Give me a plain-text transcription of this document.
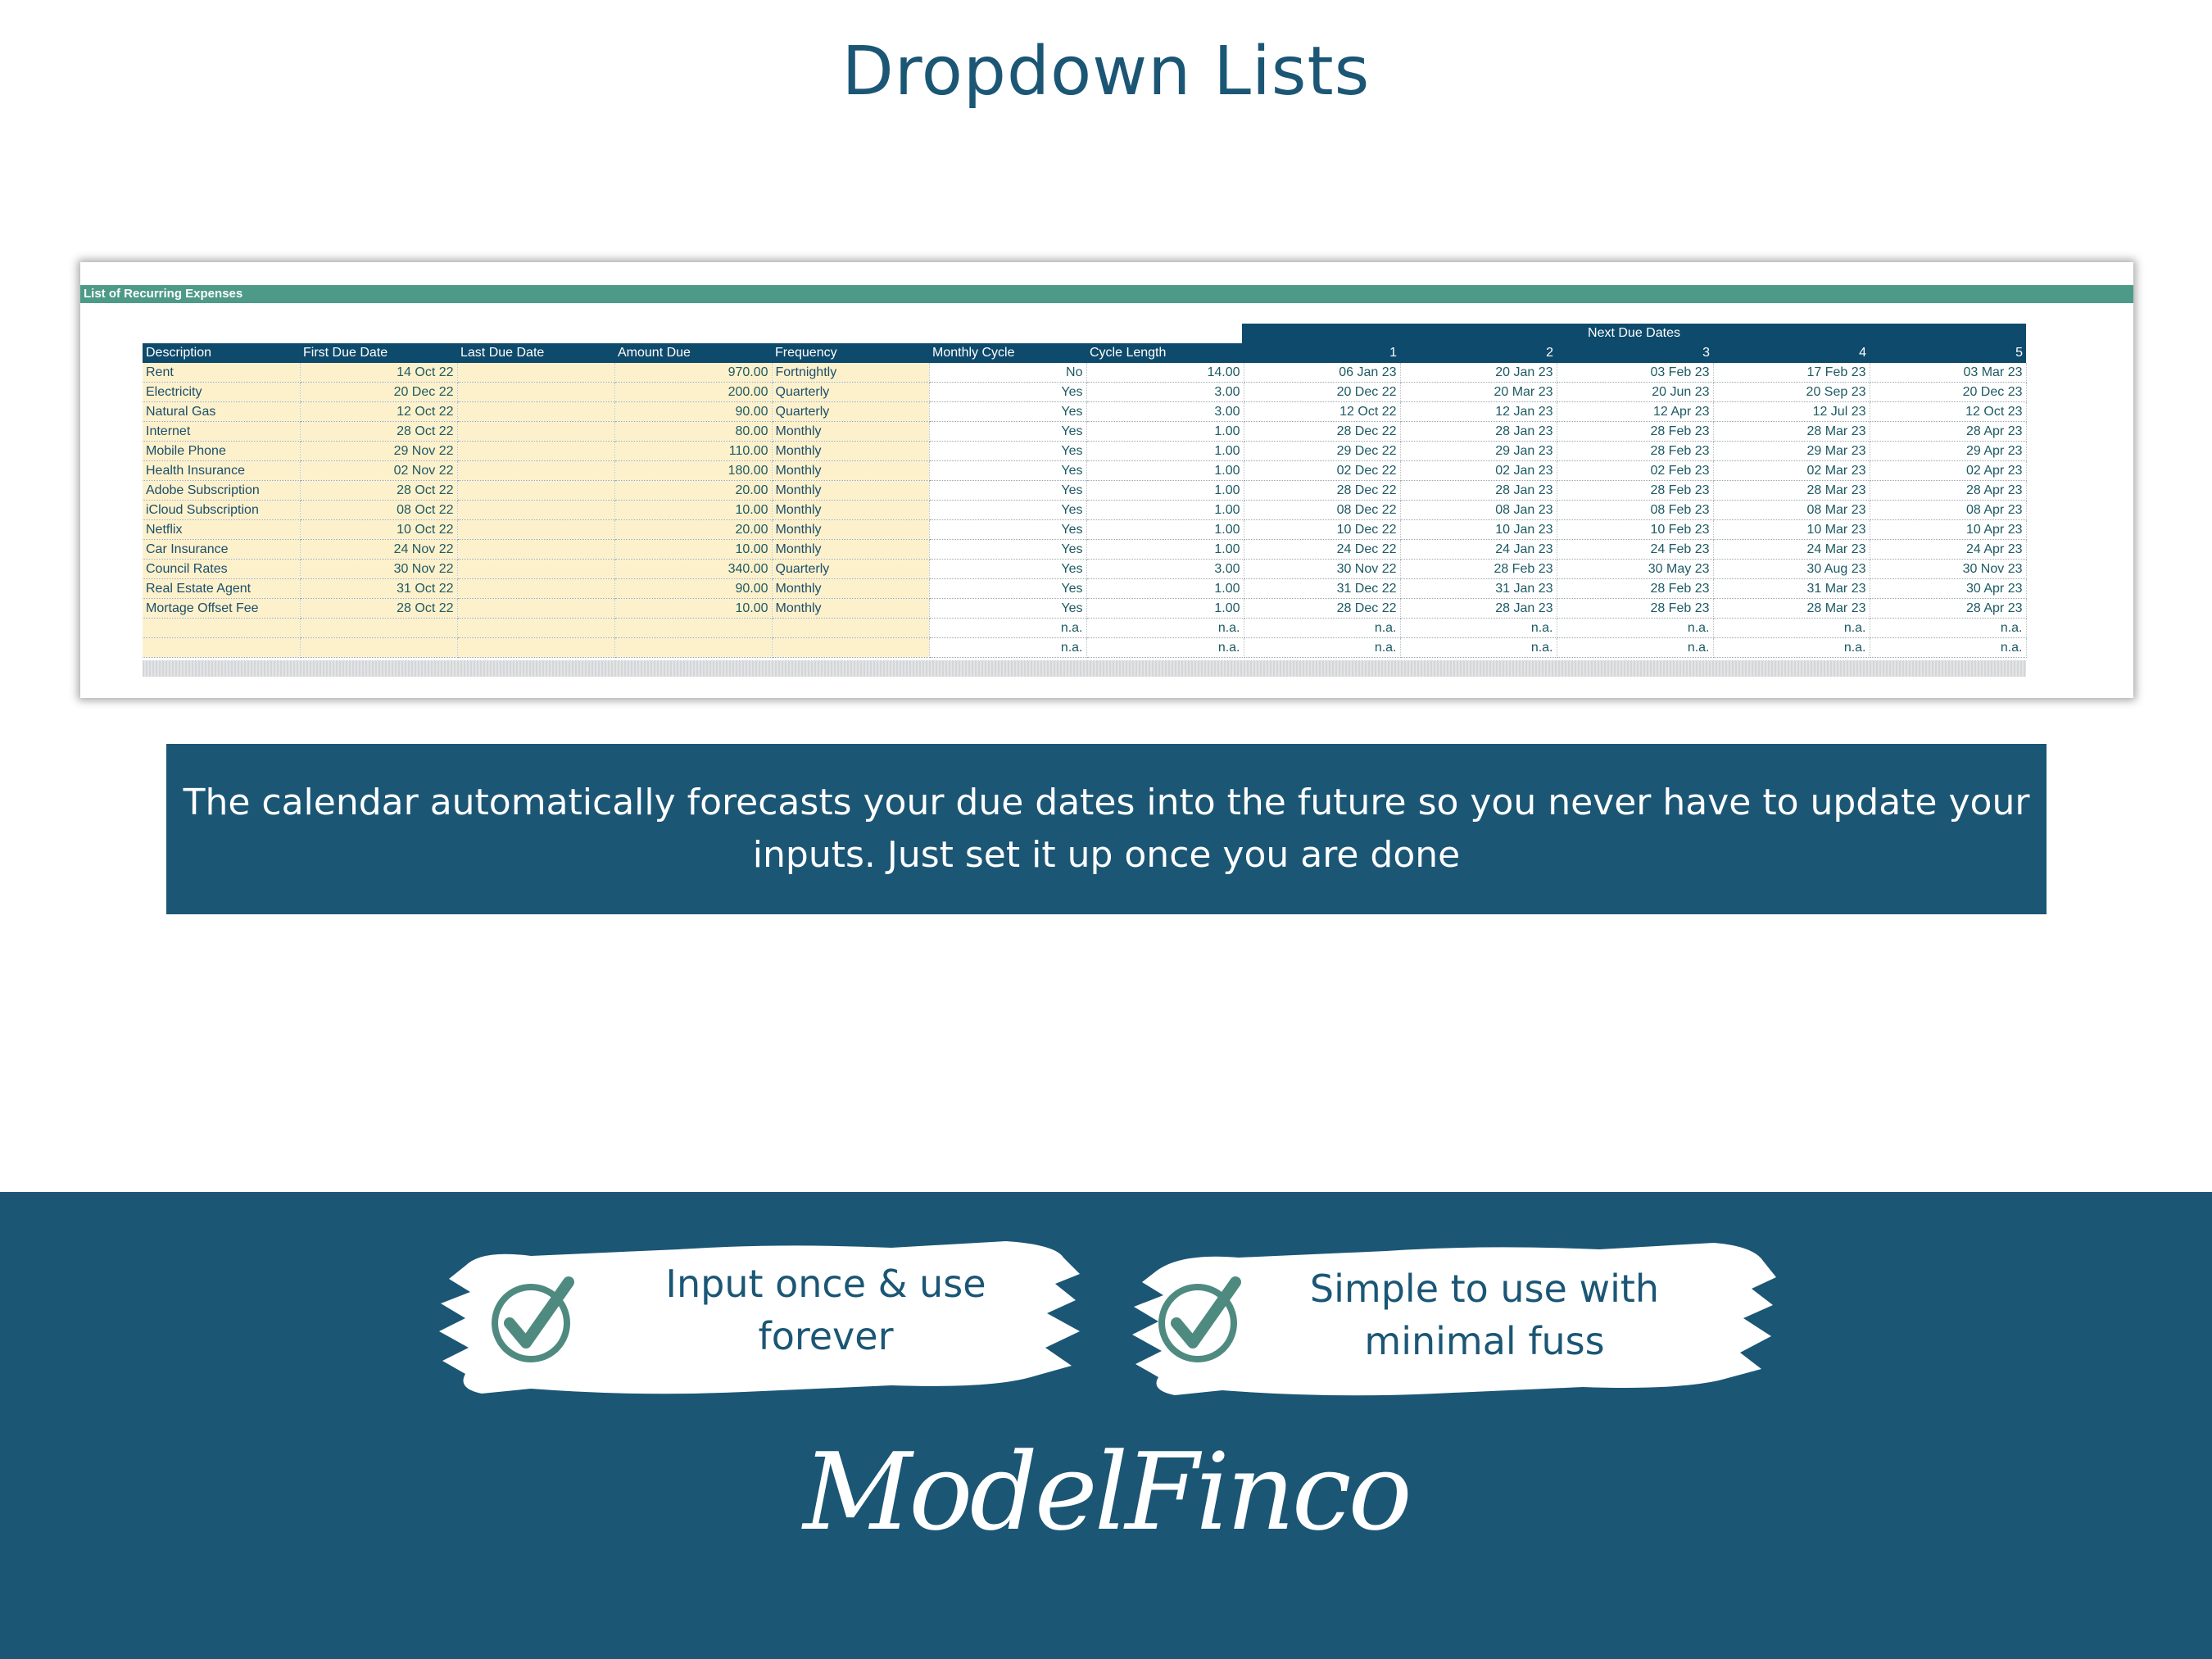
Dropdown Lists
List of Recurring Expenses
Next Due Dates
Description	First Due Date	Last Due Date	Amount Due	Frequency	Monthly Cycle	Cycle Length	1	2	3	4	5
Rent	14 Oct 22		970.00	Fortnightly	No	14.00	06 Jan 23	20 Jan 23	03 Feb 23	17 Feb 23	03 Mar 23
Electricity	20 Dec 22		200.00	Quarterly	Yes	3.00	20 Dec 22	20 Mar 23	20 Jun 23	20 Sep 23	20 Dec 23
Natural Gas	12 Oct 22		90.00	Quarterly	Yes	3.00	12 Oct 22	12 Jan 23	12 Apr 23	12 Jul 23	12 Oct 23
Internet	28 Oct 22		80.00	Monthly	Yes	1.00	28 Dec 22	28 Jan 23	28 Feb 23	28 Mar 23	28 Apr 23
Mobile Phone	29 Nov 22		110.00	Monthly	Yes	1.00	29 Dec 22	29 Jan 23	28 Feb 23	29 Mar 23	29 Apr 23
Health Insurance	02 Nov 22		180.00	Monthly	Yes	1.00	02 Dec 22	02 Jan 23	02 Feb 23	02 Mar 23	02 Apr 23
Adobe Subscription	28 Oct 22		20.00	Monthly	Yes	1.00	28 Dec 22	28 Jan 23	28 Feb 23	28 Mar 23	28 Apr 23
iCloud Subscription	08 Oct 22		10.00	Monthly	Yes	1.00	08 Dec 22	08 Jan 23	08 Feb 23	08 Mar 23	08 Apr 23
Netflix	10 Oct 22		20.00	Monthly	Yes	1.00	10 Dec 22	10 Jan 23	10 Feb 23	10 Mar 23	10 Apr 23
Car Insurance	24 Nov 22		10.00	Monthly	Yes	1.00	24 Dec 22	24 Jan 23	24 Feb 23	24 Mar 23	24 Apr 23
Council Rates	30 Nov 22		340.00	Quarterly	Yes	3.00	30 Nov 22	28 Feb 23	30 May 23	30 Aug 23	30 Nov 23
Real Estate Agent	31 Oct 22		90.00	Monthly	Yes	1.00	31 Dec 22	31 Jan 23	28 Feb 23	31 Mar 23	30 Apr 23
Mortage Offset Fee	28 Oct 22		10.00	Monthly	Yes	1.00	28 Dec 22	28 Jan 23	28 Feb 23	28 Mar 23	28 Apr 23
					n.a.	n.a.	n.a.	n.a.	n.a.	n.a.	n.a.
					n.a.	n.a.	n.a.	n.a.	n.a.	n.a.	n.a.
The calendar automatically forecasts your due dates into the future so you never have to update your inputs. Just set it up once you are done
Input once & use
forever
Simple to use with
minimal fuss
ModelFinco
